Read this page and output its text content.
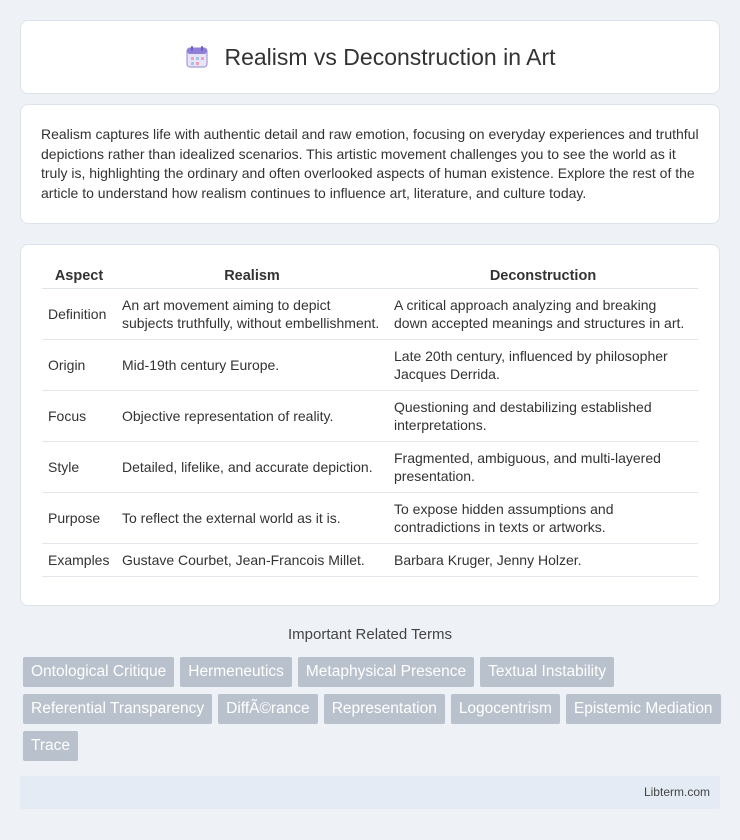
Realism vs Deconstruction in Art

Realism captures life with authentic detail and raw emotion, focusing on everyday experiences and truthful depictions rather than idealized scenarios. This artistic movement challenges you to see the world as it truly is, highlighting the ordinary and often overlooked aspects of human existence. Explore the rest of the article to understand how realism continues to influence art, literature, and culture today.

Aspect	Realism	Deconstruction
Definition	An art movement aiming to depict subjects truthfully, without embellishment.	A critical approach analyzing and breaking down accepted meanings and structures in art.
Origin	Mid-19th century Europe.	Late 20th century, influenced by philosopher Jacques Derrida.
Focus	Objective representation of reality.	Questioning and destabilizing established interpretations.
Style	Detailed, lifelike, and accurate depiction.	Fragmented, ambiguous, and multi-layered presentation.
Purpose	To reflect the external world as it is.	To expose hidden assumptions and contradictions in texts or artworks.
Examples	Gustave Courbet, Jean-Francois Millet.	Barbara Kruger, Jenny Holzer.
Important Related Terms
Ontological Critique	Hermeneutics	Metaphysical Presence	Textual Instability
Referential Transparency	DiffÃ©rance	Representation	Logocentrism	Epistemic Mediation
Trace
Libterm.com
